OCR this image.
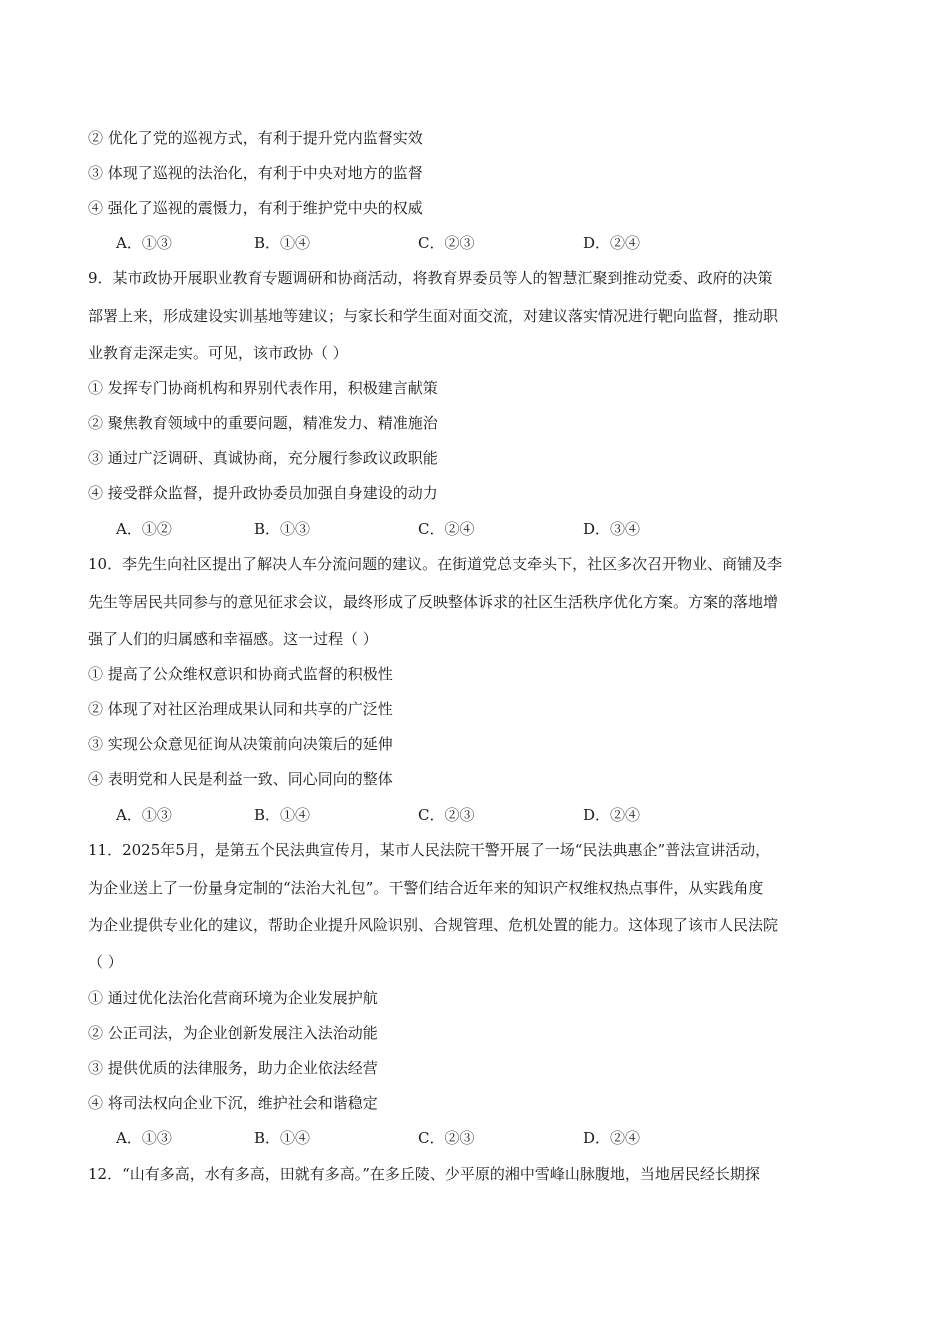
② 优化了党的巡视方式，有利于提升党内监督实效
③ 体现了巡视的法治化，有利于中央对地方的监督
④ 强化了巡视的震慑力，有利于维护党中央的权威
A．①③	B．①④	C．②③	D．②④
9．某市政协开展职业教育专题调研和协商活动，将教育界委员等人的智慧汇聚到推动党委、政府的决策
部署上来，形成建设实训基地等建议；与家长和学生面对面交流，对建议落实情况进行靶向监督，推动职
业教育走深走实。可见，该市政协（ ）
① 发挥专门协商机构和界别代表作用，积极建言献策
② 聚焦教育领域中的重要问题，精准发力、精准施治
③ 通过广泛调研、真诚协商，充分履行参政议政职能
④ 接受群众监督，提升政协委员加强自身建设的动力
A．①②	B．①③	C．②④	D．③④
10．李先生向社区提出了解决人车分流问题的建议。在街道党总支牵头下，社区多次召开物业、商铺及李
先生等居民共同参与的意见征求会议，最终形成了反映整体诉求的社区生活秩序优化方案。方案的落地增
强了人们的归属感和幸福感。这一过程（ ）
① 提高了公众维权意识和协商式监督的积极性
② 体现了对社区治理成果认同和共享的广泛性
③ 实现公众意见征询从决策前向决策后的延伸
④ 表明党和人民是利益一致、同心同向的整体
A．①③	B．①④	C．②③	D．②④
11．2025年5月，是第五个民法典宣传月，某市人民法院干警开展了一场“民法典惠企”普法宣讲活动，
为企业送上了一份量身定制的“法治大礼包”。干警们结合近年来的知识产权维权热点事件，从实践角度
为企业提供专业化的建议，帮助企业提升风险识别、合规管理、危机处置的能力。这体现了该市人民法院
（ ）
① 通过优化法治化营商环境为企业发展护航
② 公正司法，为企业创新发展注入法治动能
③ 提供优质的法律服务，助力企业依法经营
④ 将司法权向企业下沉，维护社会和谐稳定
A．①③	B．①④	C．②③	D．②④
12．“山有多高，水有多高，田就有多高。”在多丘陵、少平原的湘中雪峰山脉腹地，当地居民经长期探
